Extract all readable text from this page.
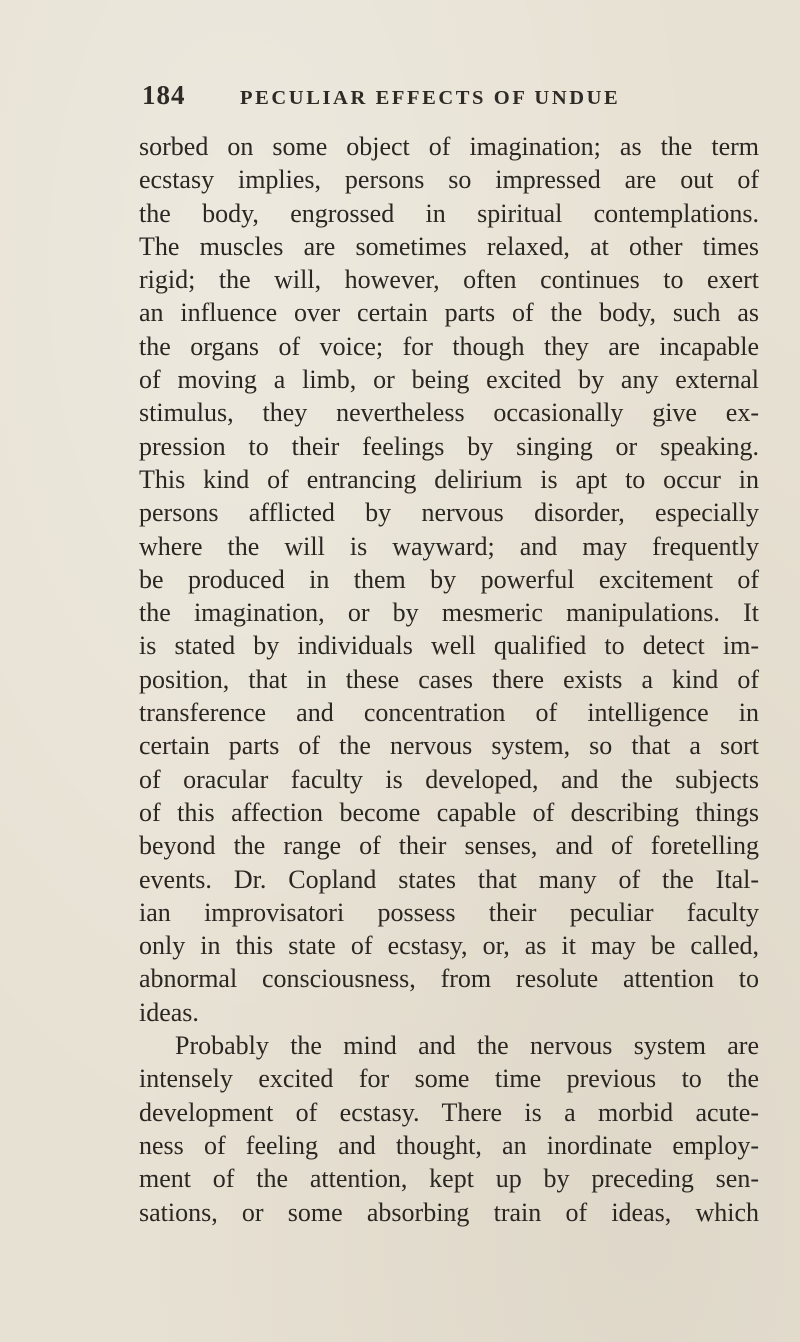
184	PECULIAR EFFECTS OF UNDUE
sorbed on some object of imagination; as the term
ecstasy implies, persons so impressed are out of
the body, engrossed in spiritual contemplations.
The muscles are sometimes relaxed, at other times
rigid; the will, however, often continues to exert
an influence over certain parts of the body, such as
the organs of voice; for though they are incapable
of moving a limb, or being excited by any external
stimulus, they nevertheless occasionally give ex-
pression to their feelings by singing or speaking.
This kind of entrancing delirium is apt to occur in
persons afflicted by nervous disorder, especially
where the will is wayward; and may frequently
be produced in them by powerful excitement of
the imagination, or by mesmeric manipulations. It
is stated by individuals well qualified to detect im-
position, that in these cases there exists a kind of
transference and concentration of intelligence in
certain parts of the nervous system, so that a sort
of oracular faculty is developed, and the subjects
of this affection become capable of describing things
beyond the range of their senses, and of foretelling
events. Dr. Copland states that many of the Ital-
ian improvisatori possess their peculiar faculty
only in this state of ecstasy, or, as it may be called,
abnormal consciousness, from resolute attention to
ideas.
Probably the mind and the nervous system are
intensely excited for some time previous to the
development of ecstasy. There is a morbid acute-
ness of feeling and thought, an inordinate employ-
ment of the attention, kept up by preceding sen-
sations, or some absorbing train of ideas, which
